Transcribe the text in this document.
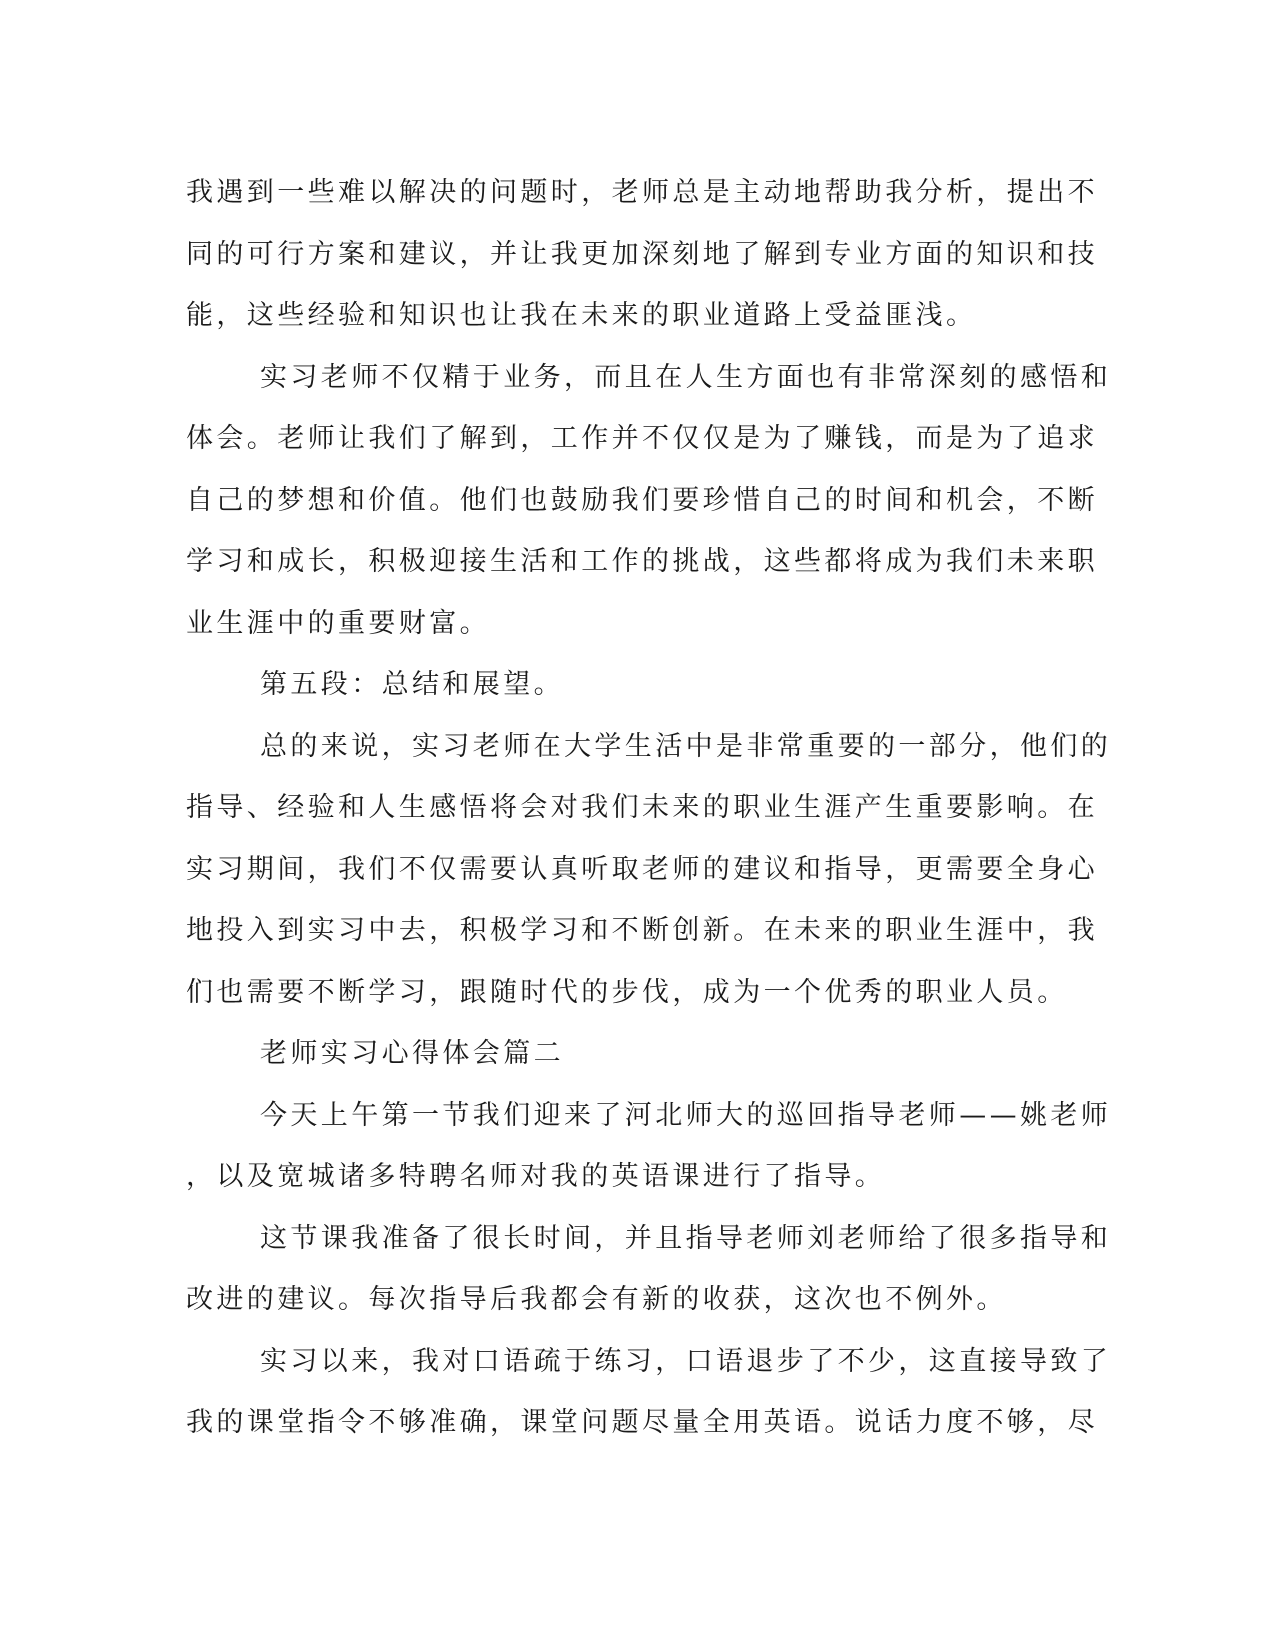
我遇到一些难以解决的问题时，老师总是主动地帮助我分析，提出不
同的可行方案和建议，并让我更加深刻地了解到专业方面的知识和技
能，这些经验和知识也让我在未来的职业道路上受益匪浅。
实习老师不仅精于业务，而且在人生方面也有非常深刻的感悟和
体会。老师让我们了解到，工作并不仅仅是为了赚钱，而是为了追求
自己的梦想和价值。他们也鼓励我们要珍惜自己的时间和机会，不断
学习和成长，积极迎接生活和工作的挑战，这些都将成为我们未来职
业生涯中的重要财富。
第五段：总结和展望。
总的来说，实习老师在大学生活中是非常重要的一部分，他们的
指导、经验和人生感悟将会对我们未来的职业生涯产生重要影响。在
实习期间，我们不仅需要认真听取老师的建议和指导，更需要全身心
地投入到实习中去，积极学习和不断创新。在未来的职业生涯中，我
们也需要不断学习，跟随时代的步伐，成为一个优秀的职业人员。
老师实习心得体会篇二
今天上午第一节我们迎来了河北师大的巡回指导老师——姚老师
，以及宽城诸多特聘名师对我的英语课进行了指导。
这节课我准备了很长时间，并且指导老师刘老师给了很多指导和
改进的建议。每次指导后我都会有新的收获，这次也不例外。
实习以来，我对口语疏于练习，口语退步了不少，这直接导致了
我的课堂指令不够准确，课堂问题尽量全用英语。说话力度不够，尽
